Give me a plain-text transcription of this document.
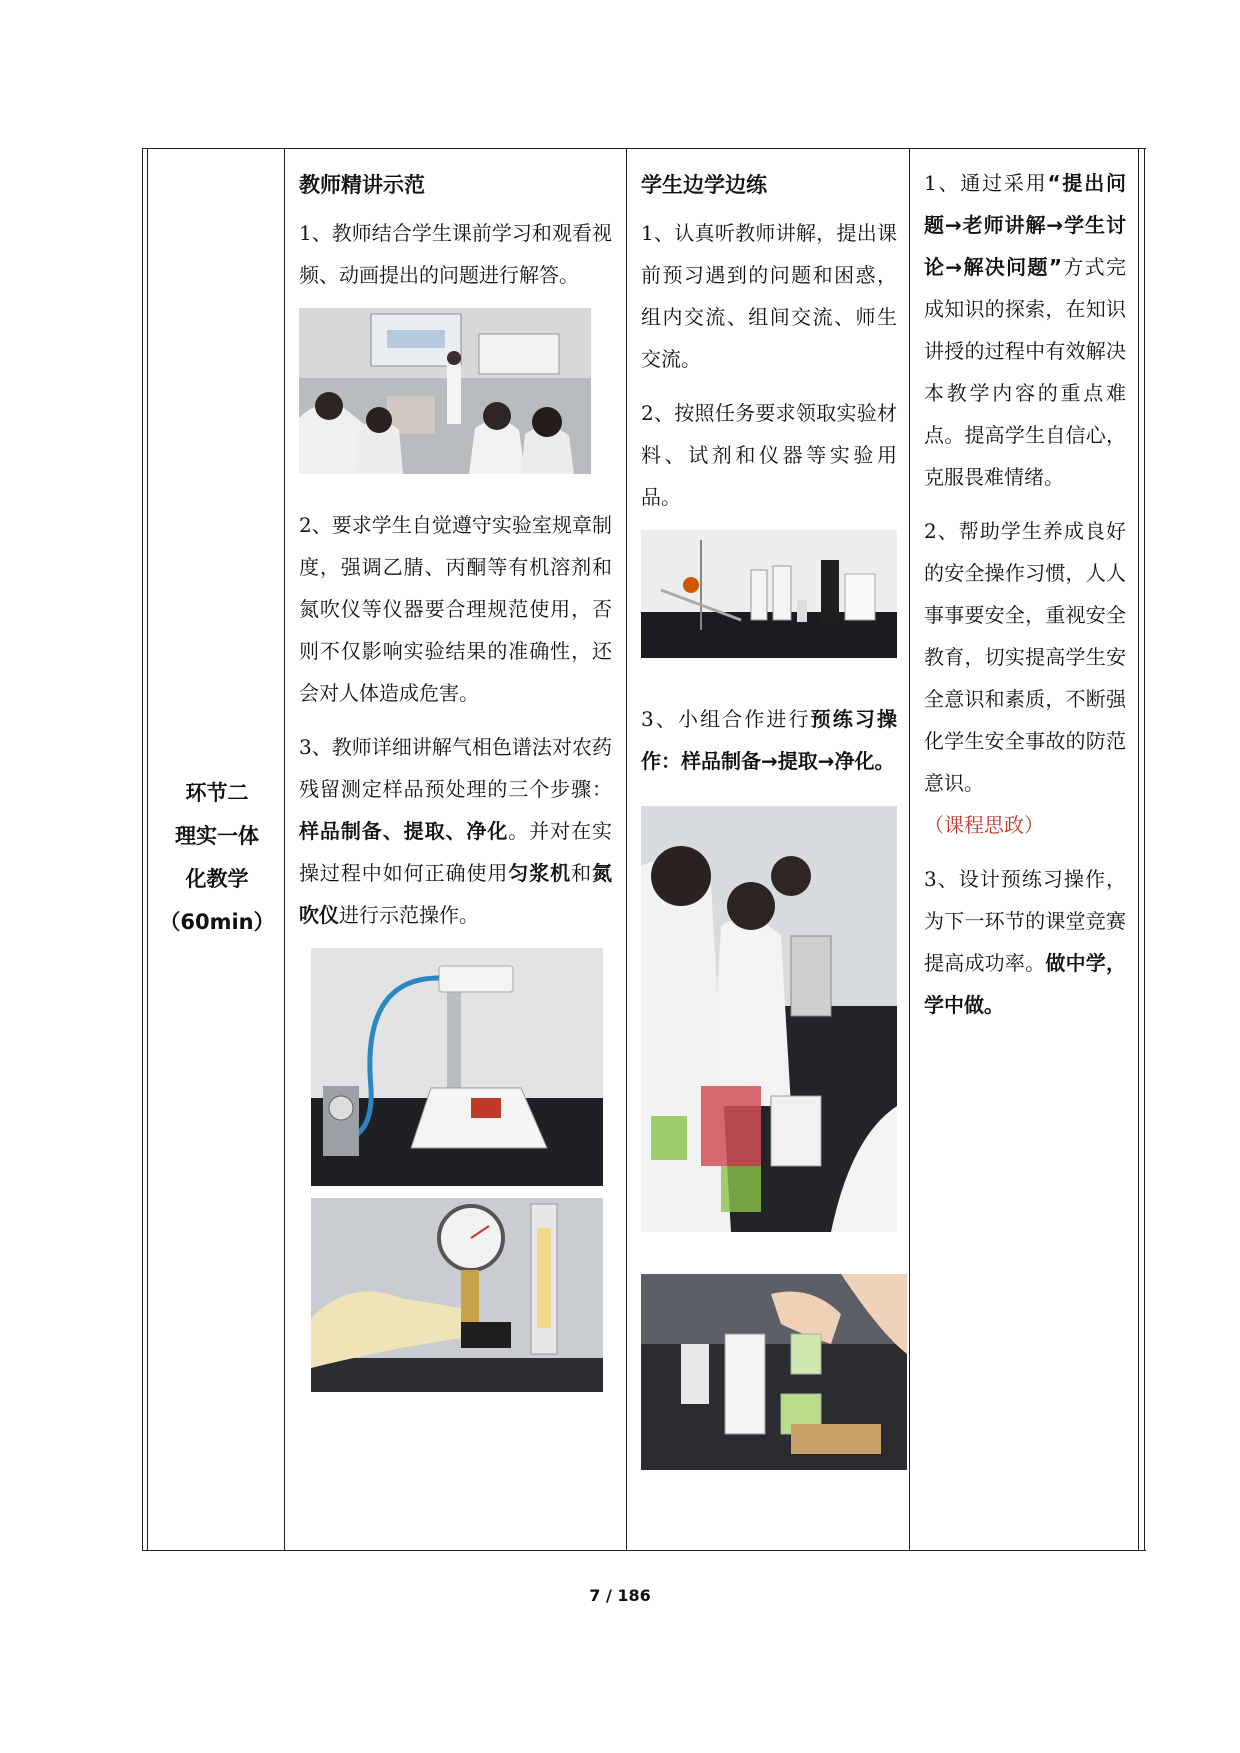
环节二
理实一体
化教学
（60min）
教师精讲示范

1、教师结合学生课前学习和观看视频、动画提出的问题进行解答。

2、要求学生自觉遵守实验室规章制度，强调乙腈、丙酮等有机溶剂和氮吹仪等仪器要合理规范使用，否则不仅影响实验结果的准确性，还会对人体造成危害。

3、教师详细讲解气相色谱法对农药残留测定样品预处理的三个步骤：样品制备、提取、净化。并对在实操过程中如何正确使用匀浆机和氮吹仪进行示范操作。

学生边学边练

1、认真听教师讲解，提出课前预习遇到的问题和困惑，组内交流、组间交流、师生交流。

2、按照任务要求领取实验材料、试剂和仪器等实验用品。

3、小组合作进行预练习操作：样品制备→提取→净化。

1、通过采用“提出问题→老师讲解→学生讨论→解决问题”方式完成知识的探索，在知识讲授的过程中有效解决本教学内容的重点难点。提高学生自信心，克服畏难情绪。

2、帮助学生养成良好的安全操作习惯，人人事事要安全，重视安全教育，切实提高学生安全意识和素质，不断强化学生安全事故的防范意识。

（课程思政）

3、设计预练习操作，为下一环节的课堂竞赛提高成功率。做中学，学中做。

7 / 186
